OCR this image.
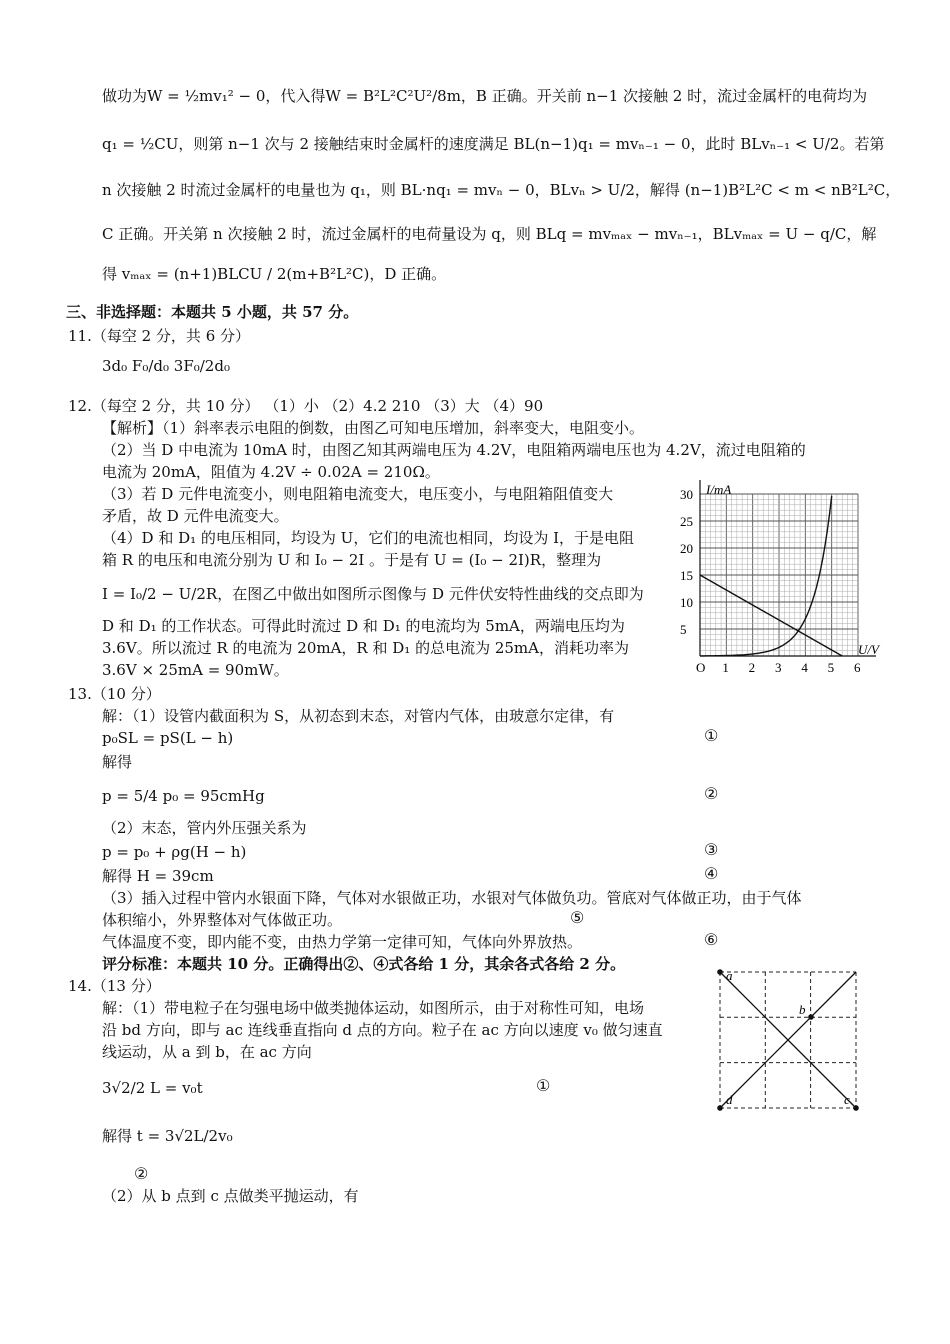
做功为W = ½mv₁² − 0，代入得W = B²L²C²U²/8m，B 正确。开关前 n−1 次接触 2 时，流过金属杆的电荷均为
q₁ = ½CU，则第 n−1 次与 2 接触结束时金属杆的速度满足 BL(n−1)q₁ = mvₙ₋₁ − 0，此时 BLvₙ₋₁ < U/2。若第
n 次接触 2 时流过金属杆的电量也为 q₁，则 BL·nq₁ = mvₙ − 0，BLvₙ > U/2，解得 (n−1)B²L²C < m < nB²L²C，
C 正确。开关第 n 次接触 2 时，流过金属杆的电荷量设为 q，则 BLq = mvₘₐₓ − mvₙ₋₁，BLvₘₐₓ = U − q/C，解
得 vₘₐₓ = (n+1)BLCU / 2(m+B²L²C)，D 正确。
三、非选择题：本题共 5 小题，共 57 分。
11.（每空 2 分，共 6 分）
3d₀ F₀/d₀ 3F₀/2d₀
12.（每空 2 分，共 10 分） （1）小 （2）4.2 210 （3）大 （4）90
【解析】（1）斜率表示电阻的倒数，由图乙可知电压增加，斜率变大，电阻变小。
（2）当 D 中电流为 10mA 时，由图乙知其两端电压为 4.2V，电阻箱两端电压也为 4.2V，流过电阻箱的
电流为 20mA，阻值为 4.2V ÷ 0.02A = 210Ω。
（3）若 D 元件电流变小，则电阻箱电流变大，电压变小，与电阻箱阻值变大
矛盾，故 D 元件电流变大。
（4）D 和 D₁ 的电压相同，均设为 U，它们的电流也相同，均设为 I，于是电阻
箱 R 的电压和电流分别为 U 和 I₀ − 2I 。于是有 U = (I₀ − 2I)R，整理为
I = I₀/2 − U/2R，在图乙中做出如图所示图像与 D 元件伏安特性曲线的交点即为
D 和 D₁ 的工作状态。可得此时流过 D 和 D₁ 的电流均为 5mA，两端电压均为
3.6V。所以流过 R 的电流为 20mA，R 和 D₁ 的总电流为 25mA，消耗功率为
3.6V × 25mA = 90mW。
13.（10 分）
解：（1）设管内截面积为 S，从初态到末态，对管内气体，由玻意尔定律，有
p₀SL = pS(L − h)
解得
p = 5/4 p₀ = 95cmHg
（2）末态，管内外压强关系为
p = p₀ + ρg(H − h)
解得 H = 39cm
（3）插入过程中管内水银面下降，气体对水银做正功，水银对气体做负功。管底对气体做正功，由于气体
体积缩小，外界整体对气体做正功。
气体温度不变，即内能不变，由热力学第一定律可知，气体向外界放热。
评分标准：本题共 10 分。正确得出②、④式各给 1 分，其余各式各给 2 分。
14.（13 分）
解：（1）带电粒子在匀强电场中做类抛体运动，如图所示，由于对称性可知，电场
沿 bd 方向，即与 ac 连线垂直指向 d 点的方向。粒子在 ac 方向以速度 v₀ 做匀速直
线运动，从 a 到 b，在 ac 方向
3√2/2 L = v₀t
解得 t = 3√2L/2v₀
（2）从 b 点到 c 点做类平抛运动，有
①
②
③
④
⑤
⑥
①
②
O 1 2 3 4 5 6
5
10
15
20
25
30 I/mA
U/V
a
b
c
d
